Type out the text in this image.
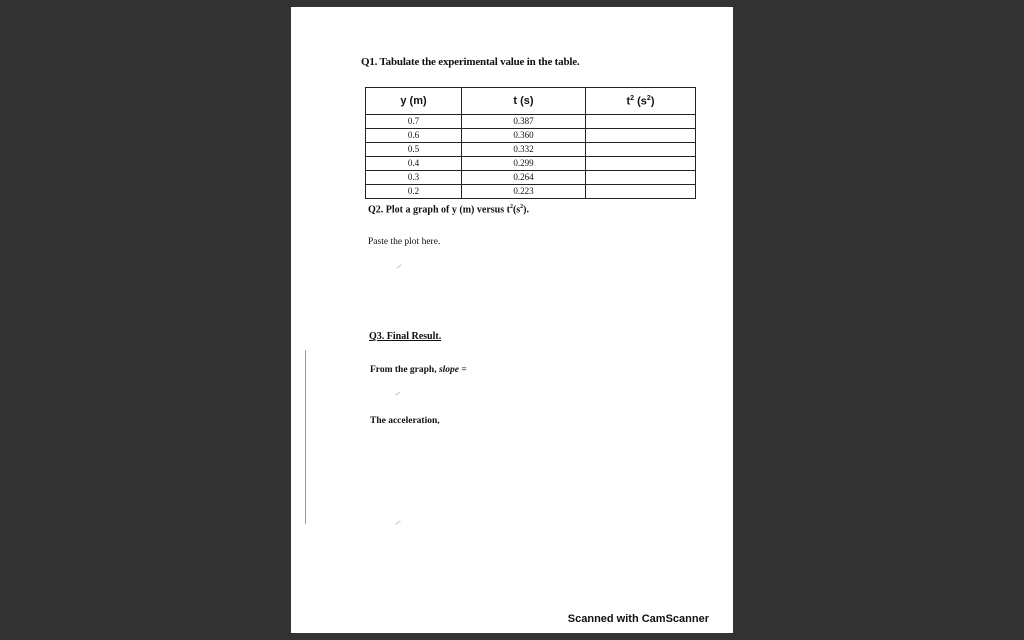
Q1. Tabulate the experimental value in the table.
y (m)	t (s)	$t^2$ $(s^2)$
0.7	0.387	
0.6	0.360	
0.5	0.332	
0.4	0.299	
0.3	0.264	
0.2	0.223	
Q2. Plot a graph of y (m) versus $t^2(s^2)$.
Paste the plot here.
Q3. Final Result.
From the graph, slope =
The acceleration,
Scanned with CamScanner
